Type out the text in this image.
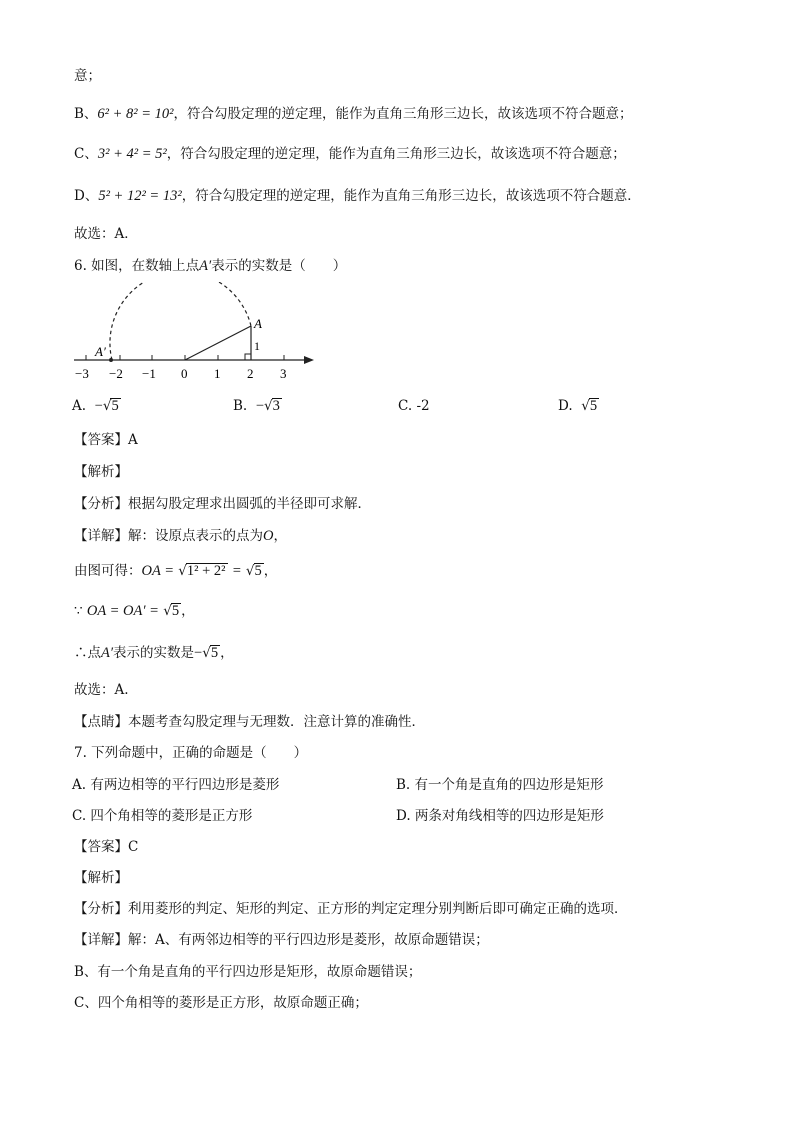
意；
B、6² + 8² = 10²，符合勾股定理的逆定理，能作为直角三角形三边长，故该选项不符合题意；
C、3² + 4² = 5²，符合勾股定理的逆定理，能作为直角三角形三边长，故该选项不符合题意；
D、5² + 12² = 13²，符合勾股定理的逆定理，能作为直角三角形三边长，故该选项不符合题意．
故选：A．
6. 如图，在数轴上点A′表示的实数是（　　）
A
A′	1
−3 −2 −1 0 1 2 3
A. −√5	B. −√3	C. -2	D. √5
【答案】A
【解析】
【分析】根据勾股定理求出圆弧的半径即可求解．
【详解】解：设原点表示的点为O，
由图可得：OA = √1² + 2² = √5 ，
∵ OA = OA′ = √5 ，
∴点A′表示的实数是−√5 ，
故选：A.
【点睛】本题考查勾股定理与无理数．注意计算的准确性．
7. 下列命题中，正确的命题是（　　）
A. 有两边相等的平行四边形是菱形	B. 有一个角是直角的四边形是矩形
C. 四个角相等的菱形是正方形	D. 两条对角线相等的四边形是矩形
【答案】C
【解析】
【分析】利用菱形的判定、矩形的判定、正方形的判定定理分别判断后即可确定正确的选项．
【详解】解：A、有两邻边相等的平行四边形是菱形，故原命题错误；
B、有一个角是直角的平行四边形是矩形，故原命题错误；
C、四个角相等的菱形是正方形，故原命题正确；
